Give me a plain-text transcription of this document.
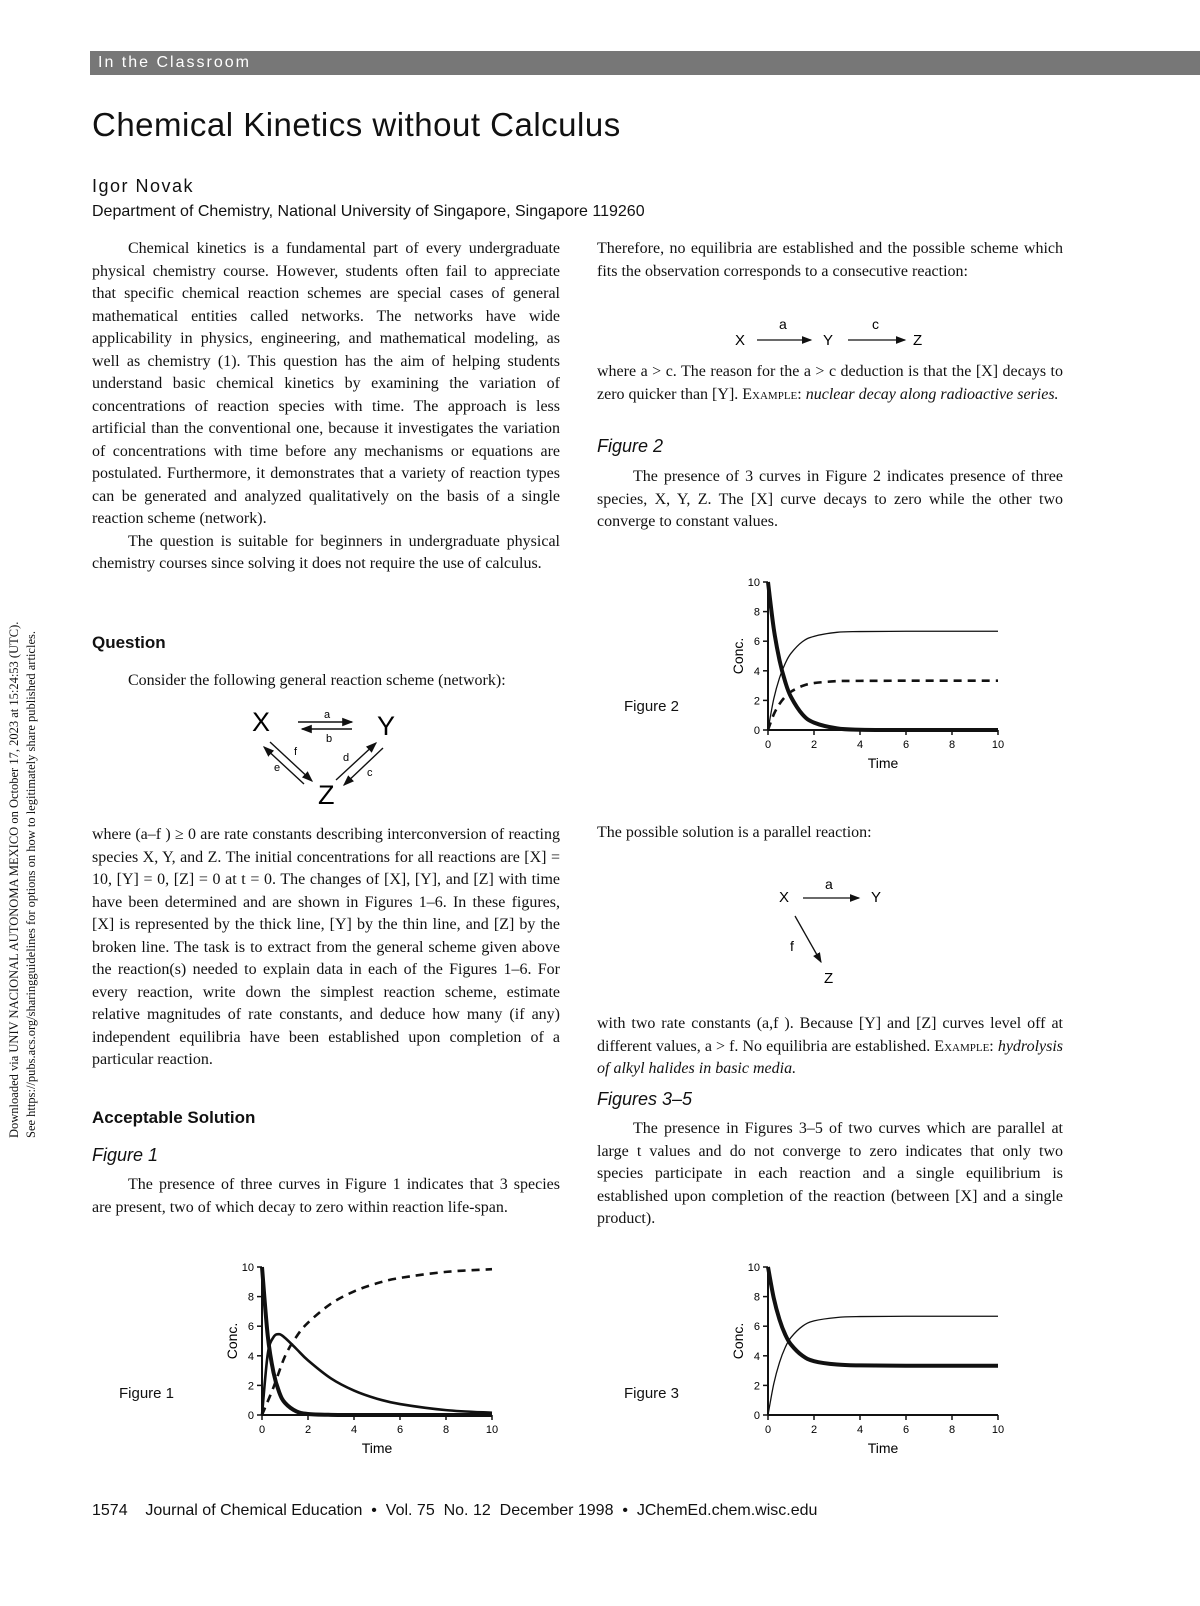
In the Classroom
Chemical Kinetics without Calculus
Igor Novak
Department of Chemistry, National University of Singapore, Singapore 119260
Downloaded via UNIV NACIONAL AUTONOMA MEXICO on October 17, 2023 at 15:24:53 (UTC). See https://pubs.acs.org/sharingguidelines for options on how to legitimately share published articles.

Chemical kinetics is a fundamental part of every undergraduate physical chemistry course. However, students often fail to appreciate that specific chemical reaction schemes are special cases of general mathematical entities called networks. The networks have wide applicability in physics, engineering, and mathematical modeling, as well as chemistry (1). This question has the aim of helping students understand basic chemical kinetics by examining the variation of concentrations of reaction species with time. The approach is less artificial than the conventional one, because it investigates the variation of concentrations with time before any mechanisms or equations are postulated. Furthermore, it demonstrates that a variety of reaction types can be generated and analyzed qualitatively on the basis of a single reaction scheme (network).

The question is suitable for beginners in undergraduate physical chemistry courses since solving it does not require the use of calculus.

Question

Consider the following general reaction scheme (network):

X	Y
Z
a
b
f
e
d
c

where (a–f ) ≥ 0 are rate constants describing interconversion of reacting species X, Y, and Z. The initial concentrations for all reactions are [X] = 10, [Y] = 0, [Z] = 0 at t = 0. The changes of [X], [Y], and [Z] with time have been determined and are shown in Figures 1–6. In these figures, [X] is represented by the thick line, [Y] by the thin line, and [Z] by the broken line. The task is to extract from the general scheme given above the reaction(s) needed to explain data in each of the Figures 1–6. For every reaction, write down the simplest reaction scheme, estimate relative magnitudes of rate constants, and deduce how many (if any) independent equilibria have been established upon completion of a particular reaction.

Acceptable Solution
Figure 1

The presence of three curves in Figure 1 indicates that 3 species are present, two of which decay to zero within reaction life-span.

Therefore, no equilibria are established and the possible scheme which fits the observation corresponds to a consecutive reaction:

X
a
Y
c
Z

where a > c. The reason for the a > c deduction is that the [X] decays to zero quicker than [Y]. Example: nuclear decay along radioactive series.

Figure 2

The presence of 3 curves in Figure 2 indicates presence of three species, X, Y, Z. The [X] curve decays to zero while the other two converge to constant values.

The possible solution is a parallel reaction:

X
a
Y
f
Z

with two rate constants (a,f ). Because [Y] and [Z] curves level off at different values, a > f. No equilibria are established. Example: hydrolysis of alkyl halides in basic media.

Figures 3–5

The presence in Figures 3–5 of two curves which are parallel at large t values and do not converge to zero indicates that only two species participate in each reaction and a single equilibrium is established upon completion of the reaction (between [X] and a single product).

0
2
4
6
8
10
0	2	4	6	8	10
Time
Conc.
Figure 1
0
2
4
6
8
10
0	2	4	6	8	10
Time
Conc.
Figure 2
0
2
4
6
8
10
0	2	4	6	8	10
Time
Conc.
Figure 3
1574 Journal of Chemical Education • Vol. 75  No. 12  December 1998 • JChemEd.chem.wisc.edu
